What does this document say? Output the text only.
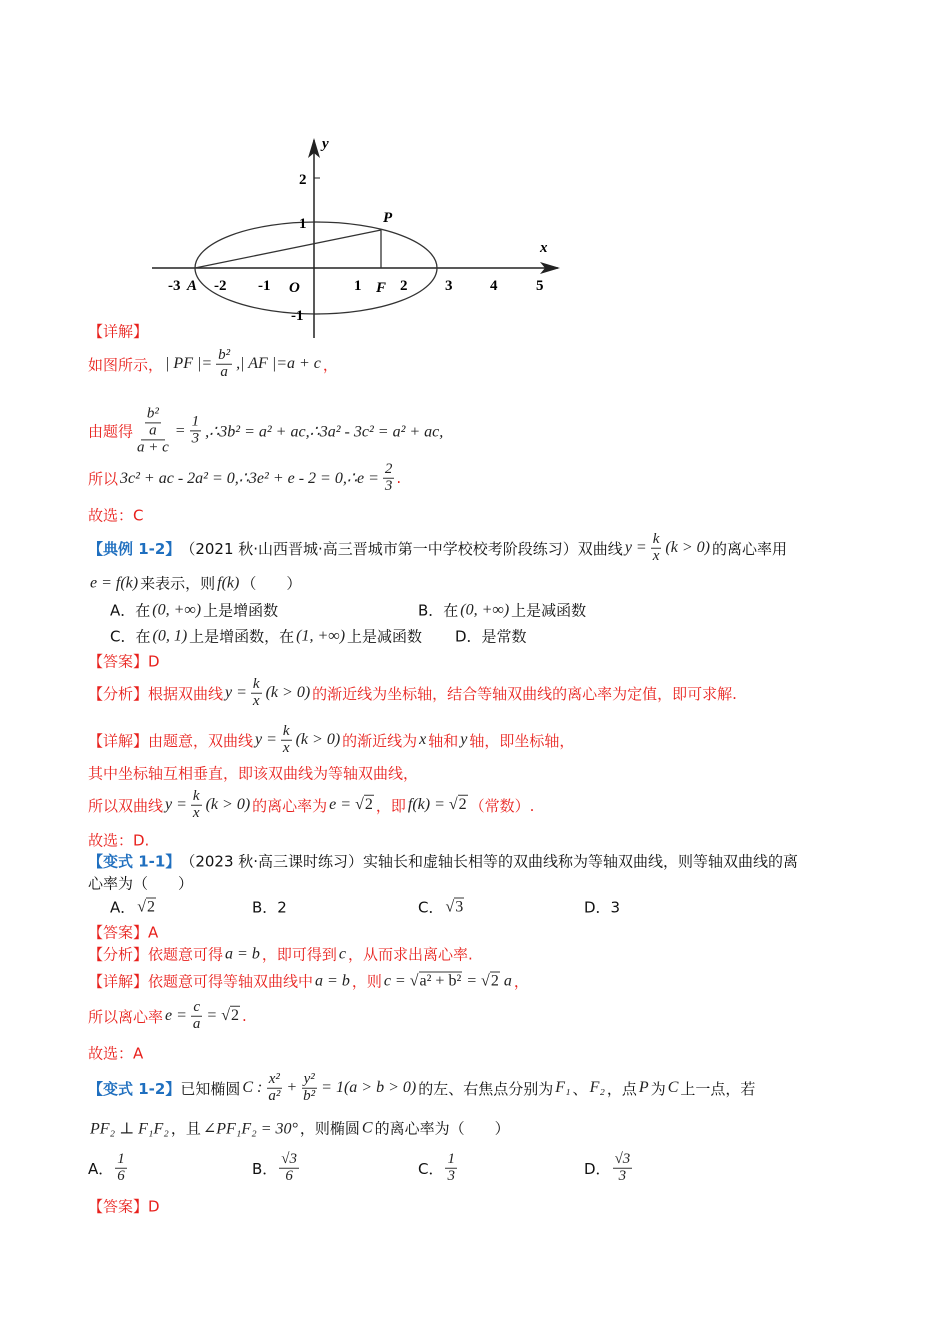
y
x
P
F
A	O
-3 -2 -1	1	2	3	4	5
2
1
-1
【详解】
如图所示， | PF |= $\frac{\text{b²}}{a}$ ,| AF |=a + c ，
由题得 $\frac{\frac{\text{b²}}{a}}{a + c} = \frac{1}{3}$ ,∴3b² = a² + ac,∴3a² - 3c² = a² + ac,
所以 3c² + ac - 2a² = 0,∴3e² + e - 2 = 0,∴e = $\frac{2}{3}$ .
故选：C
【典例 1-2】 （2021 秋·山西晋城·高三晋城市第一中学校校考阶段练习）双曲线 $y = \frac{k}{x} (k > 0)$ 的离心率用
e = f(k) 来表示，则 f(k) （　　）
A．在 (0, +∞) 上是增函数	B．在 (0, +∞) 上是减函数
C．在 (0, 1) 上是增函数，在 (1, +∞) 上是减函数 D．是常数
【答案】D
【分析】根据双曲线 $y = \frac{k}{x} (k > 0)$ 的渐近线为坐标轴，结合等轴双曲线的离心率为定值，即可求解.
【详解】由题意，双曲线 $y = \frac{k}{x} (k > 0)$ 的渐近线为 x 轴和 y 轴，即坐标轴，
其中坐标轴互相垂直，即该双曲线为等轴双曲线，
所以双曲线 $y = \frac{k}{x} (k > 0)$ 的离心率为 e = √2 ，即 f(k) = √2 （常数）.
故选：D.
【变式 1-1】 （2023 秋·高三课时练习）实轴长和虚轴长相等的双曲线称为等轴双曲线，则等轴双曲线的离
心率为（　　）
A． √2	B．2	C． √3	D．3
【答案】A
【分析】依题意可得 a = b ，即可得到 c ，从而求出离心率.
【详解】依题意可得等轴双曲线中 a = b ，则 c = √a² + b² = √2 a ，
所以离心率 $e = \frac{c}{a} = √2$ .
故选：A
【变式 1-2】 已知椭圆 C : $\frac{\text{x²}}{\text{a²}} + \frac{\text{y²}}{\text{b²}} = 1(a > b > 0)$ 的左、右焦点分别为 F₁ 、 F₂ ，点 P 为 C 上一点，若
PF₂ ⊥ F₁F₂ ，且 ∠PF₁F₂ = 30° ，则椭圆 C 的离心率为（　　）
A． $\frac{1}{6}$	B． $\frac{√3}{6}$	C． $\frac{1}{3}$	D． $\frac{√3}{3}$
【答案】D
